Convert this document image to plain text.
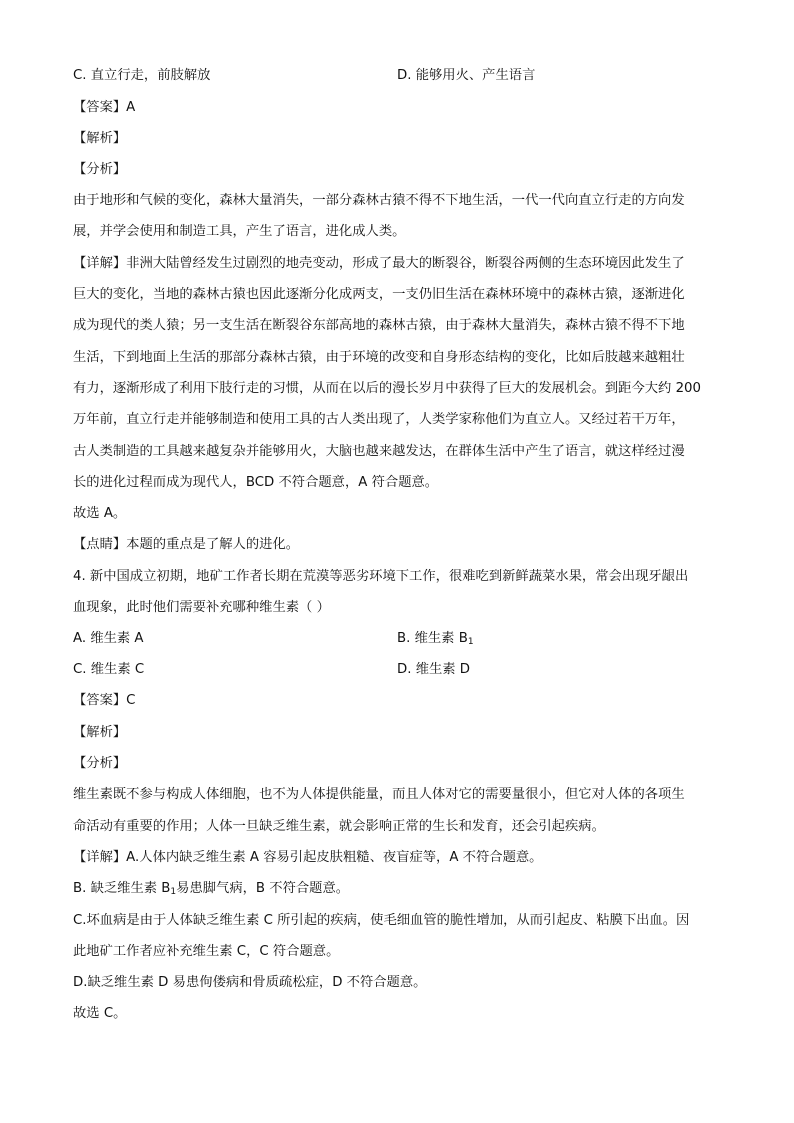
C. 直立行走，前肢解放	D. 能够用火、产生语言
【答案】A
【解析】
【分析】
由于地形和气候的变化，森林大量消失，一部分森林古猿不得不下地生活，一代一代向直立行走的方向发
展，并学会使用和制造工具，产生了语言，进化成人类。
【详解】非洲大陆曾经发生过剧烈的地壳变动，形成了最大的断裂谷，断裂谷两侧的生态环境因此发生了
巨大的变化，当地的森林古猿也因此逐渐分化成两支，一支仍旧生活在森林环境中的森林古猿，逐渐进化
成为现代的类人猿；另一支生活在断裂谷东部高地的森林古猿，由于森林大量消失，森林古猿不得不下地
生活，下到地面上生活的那部分森林古猿，由于环境的改变和自身形态结构的变化，比如后肢越来越粗壮
有力，逐渐形成了利用下肢行走的习惯，从而在以后的漫长岁月中获得了巨大的发展机会。到距今大约 200
万年前，直立行走并能够制造和使用工具的古人类出现了，人类学家称他们为直立人。又经过若干万年，
古人类制造的工具越来越复杂并能够用火，大脑也越来越发达，在群体生活中产生了语言，就这样经过漫
长的进化过程而成为现代人，BCD 不符合题意，A 符合题意。
故选 A。
【点睛】本题的重点是了解人的进化。
4. 新中国成立初期，地矿工作者长期在荒漠等恶劣环境下工作，很难吃到新鲜蔬菜水果，常会出现牙龈出
血现象，此时他们需要补充哪种维生素（ ）
A. 维生素 A	B. 维生素 $B_1$
C. 维生素 C	D. 维生素 D
【答案】C
【解析】
【分析】
维生素既不参与构成人体细胞，也不为人体提供能量，而且人体对它的需要量很小，但它对人体的各项生
命活动有重要的作用；人体一旦缺乏维生素，就会影响正常的生长和发育，还会引起疾病。
【详解】A.人体内缺乏维生素 A 容易引起皮肤粗糙、夜盲症等，A 不符合题意。
B. 缺乏维生素 $B_1$易患脚气病，B 不符合题意。
C.坏血病是由于人体缺乏维生素 C 所引起的疾病，使毛细血管的脆性增加，从而引起皮、粘膜下出血。因
此地矿工作者应补充维生素 C，C 符合题意。
D.缺乏维生素 D 易患佝偻病和骨质疏松症，D 不符合题意。
故选 C。
